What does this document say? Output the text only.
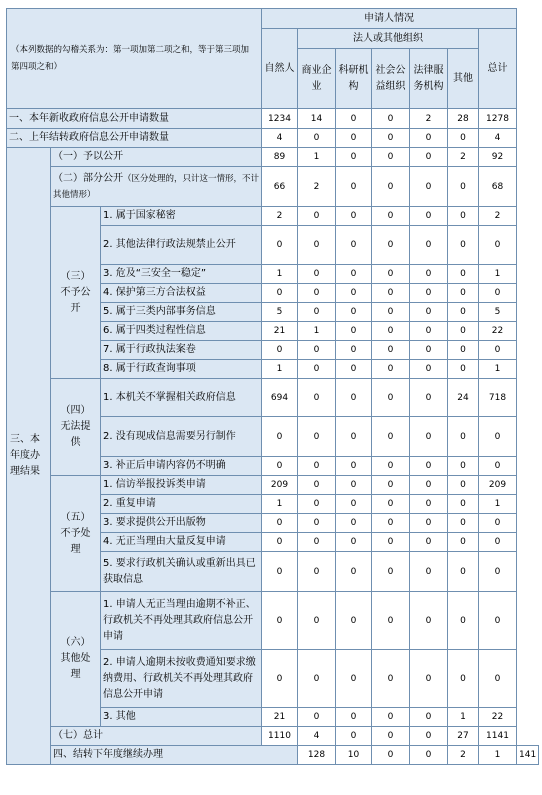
（本列数据的勾稽关系为：第一项加第二项之和，等于第三项加第四项之和）			申请人情况							
			自然人	法人或其他组织					总计	
				商业企业	科研机构	社会公益组织	法律服务机构	其他		

一、本年新收政府信息公开申请数量			1234	14	0	0	2	28	1278	
二、上年结转政府信息公开申请数量			4	0	0	0	0	0	4	
三、本年度办理结果	（一）予以公开		89	1	0	0	0	2	92	
	（二）部分公开（区分处理的，只计这一情形，不计其他情形）		66	2	0	0	0	0	68	
	（三）不予公开	1. 属于国家秘密	2	0	0	0	0	0	2	
		2. 其他法律行政法规禁止公开	0	0	0	0	0	0	0	
		3. 危及“三安全一稳定”	1	0	0	0	0	0	1	
		4. 保护第三方合法权益	0	0	0	0	0	0	0	
		5. 属于三类内部事务信息	5	0	0	0	0	0	5	
		6. 属于四类过程性信息	21	1	0	0	0	0	22	
		7. 属于行政执法案卷	0	0	0	0	0	0	0	
		8. 属于行政查询事项	1	0	0	0	0	0	1	
	（四）无法提供	1. 本机关不掌握相关政府信息	694	0	0	0	0	24	718	
		2. 没有现成信息需要另行制作	0	0	0	0	0	0	0	
		3. 补正后申请内容仍不明确	0	0	0	0	0	0	0	
	（五）不予处理	1. 信访举报投诉类申请	209	0	0	0	0	0	209	
		2. 重复申请	1	0	0	0	0	0	1	
		3. 要求提供公开出版物	0	0	0	0	0	0	0	
		4. 无正当理由大量反复申请	0	0	0	0	0	0	0	
		5. 要求行政机关确认或重新出具已获取信息	0	0	0	0	0	0	0	
	（六）其他处理	1. 申请人无正当理由逾期不补正、行政机关不再处理其政府信息公开申请	0	0	0	0	0	0	0	
		2. 申请人逾期未按收费通知要求缴纳费用、行政机关不再处理其政府信息公开申请	0	0	0	0	0	0	0	
		3. 其他	21	0	0	0	0	1	22	
	（七）总计		1110	4	0	0	0	27	1141	
	四、结转下年度继续办理			128	10	0	0	2	1	141
